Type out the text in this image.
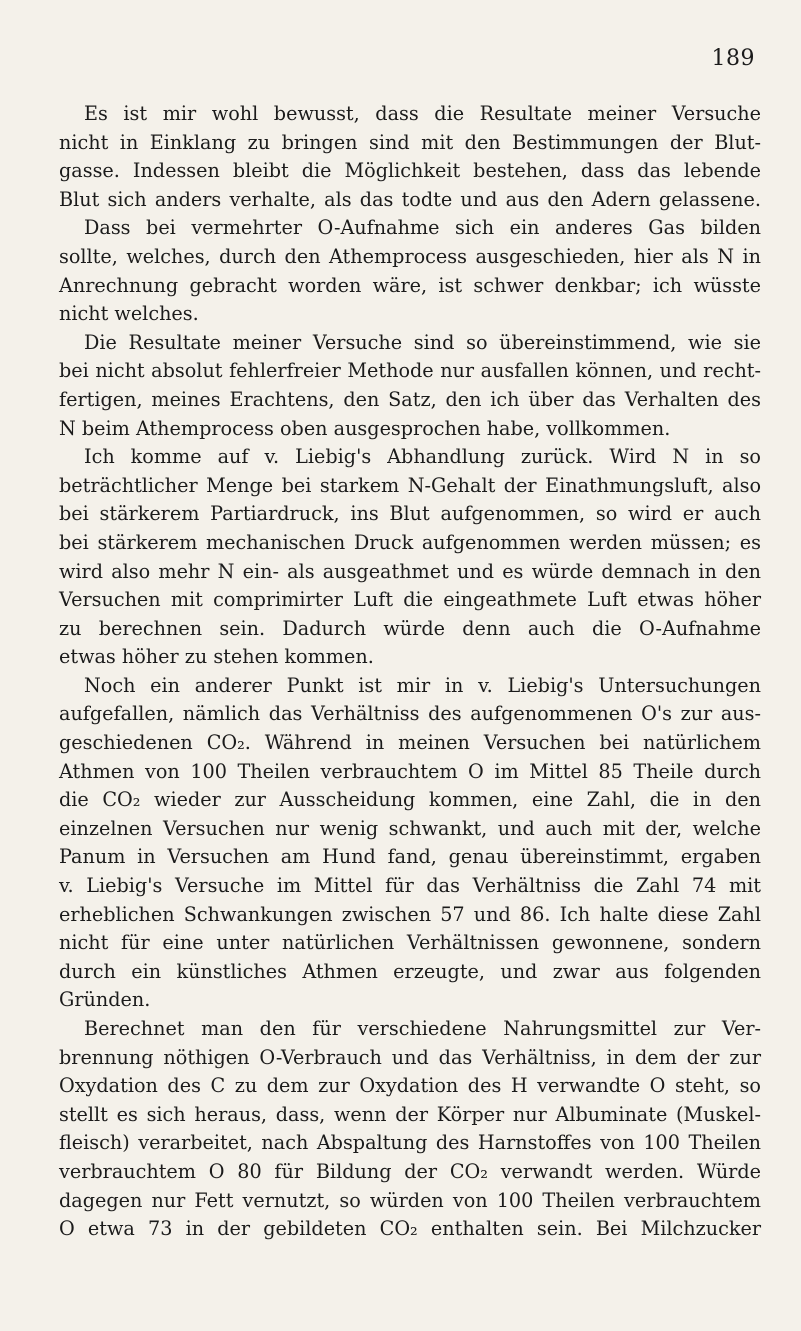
189
Es ist mir wohl bewusst, dass die Resultate meiner Versuche
nicht in Einklang zu bringen sind mit den Bestimmungen der Blut-
gasse. Indessen bleibt die Möglichkeit bestehen, dass das lebende
Blut sich anders verhalte, als das todte und aus den Adern gelassene.
Dass bei vermehrter O-Aufnahme sich ein anderes Gas bilden
sollte, welches, durch den Athemprocess ausgeschieden, hier als N in
Anrechnung gebracht worden wäre, ist schwer denkbar; ich wüsste
nicht welches.
Die Resultate meiner Versuche sind so übereinstimmend, wie sie
bei nicht absolut fehlerfreier Methode nur ausfallen können, und recht-
fertigen, meines Erachtens, den Satz, den ich über das Verhalten des
N beim Athemprocess oben ausgesprochen habe, vollkommen.
Ich komme auf v. Liebig's Abhandlung zurück. Wird N in so
beträchtlicher Menge bei starkem N-Gehalt der Einathmungsluft, also
bei stärkerem Partiardruck, ins Blut aufgenommen, so wird er auch
bei stärkerem mechanischen Druck aufgenommen werden müssen; es
wird also mehr N ein- als ausgeathmet und es würde demnach in den
Versuchen mit comprimirter Luft die eingeathmete Luft etwas höher
zu berechnen sein. Dadurch würde denn auch die O-Aufnahme
etwas höher zu stehen kommen.
Noch ein anderer Punkt ist mir in v. Liebig's Untersuchungen
aufgefallen, nämlich das Verhältniss des aufgenommenen O's zur aus-
geschiedenen CO₂. Während in meinen Versuchen bei natürlichem
Athmen von 100 Theilen verbrauchtem O im Mittel 85 Theile durch
die CO₂ wieder zur Ausscheidung kommen, eine Zahl, die in den
einzelnen Versuchen nur wenig schwankt, und auch mit der, welche
Panum in Versuchen am Hund fand, genau übereinstimmt, ergaben
v. Liebig's Versuche im Mittel für das Verhältniss die Zahl 74 mit
erheblichen Schwankungen zwischen 57 und 86. Ich halte diese Zahl
nicht für eine unter natürlichen Verhältnissen gewonnene, sondern
durch ein künstliches Athmen erzeugte, und zwar aus folgenden
Gründen.
Berechnet man den für verschiedene Nahrungsmittel zur Ver-
brennung nöthigen O-Verbrauch und das Verhältniss, in dem der zur
Oxydation des C zu dem zur Oxydation des H verwandte O steht, so
stellt es sich heraus, dass, wenn der Körper nur Albuminate (Muskel-
fleisch) verarbeitet, nach Abspaltung des Harnstoffes von 100 Theilen
verbrauchtem O 80 für Bildung der CO₂ verwandt werden. Würde
dagegen nur Fett vernutzt, so würden von 100 Theilen verbrauchtem
O etwa 73 in der gebildeten CO₂ enthalten sein. Bei Milchzucker
